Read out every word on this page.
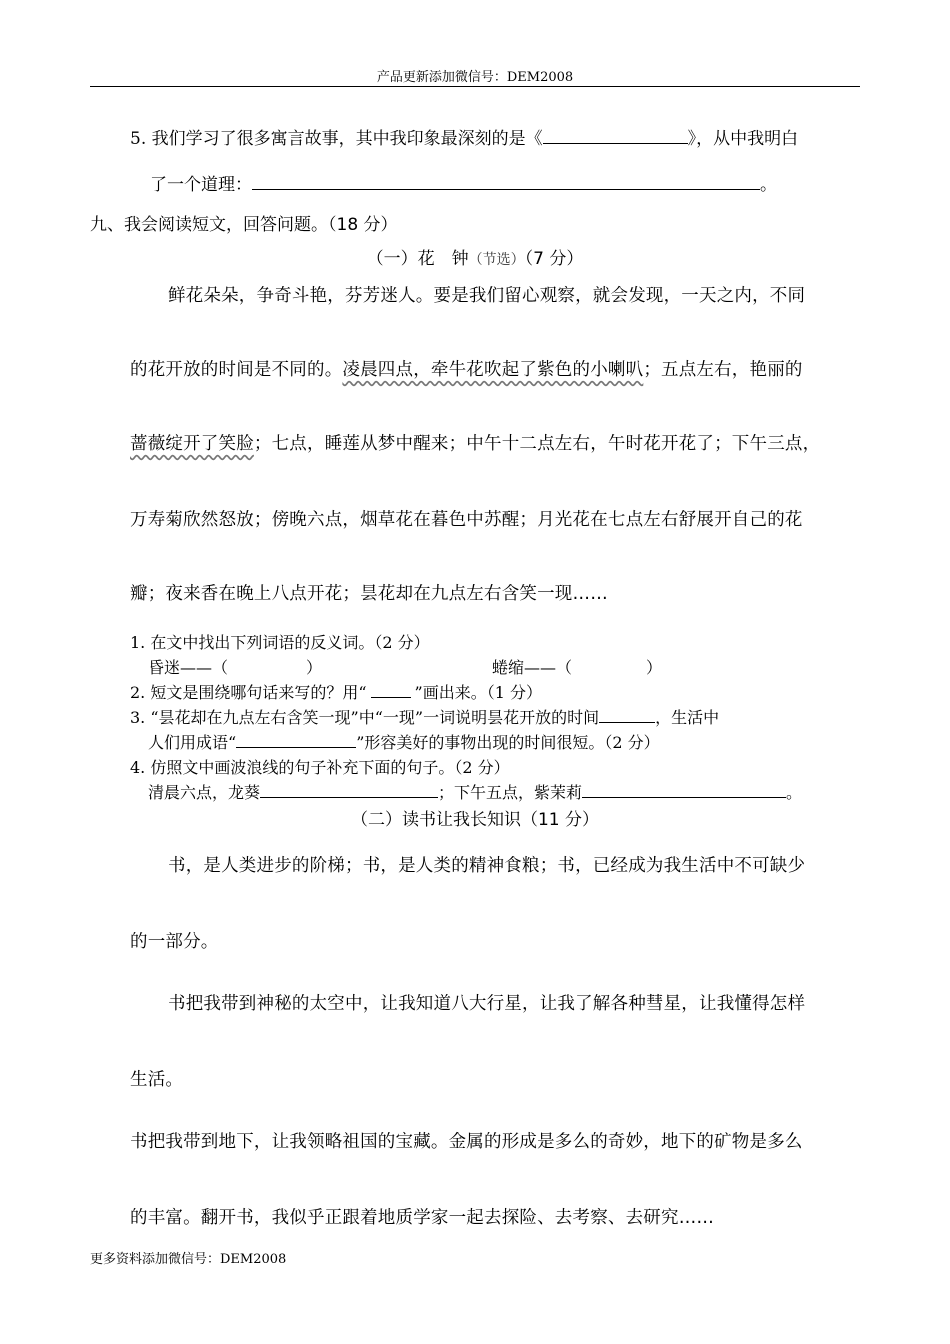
产品更新添加微信号：DEM2008
5. 我们学习了很多寓言故事，其中我印象最深刻的是《	》，从中我明白
了一个道理：	。
九、我会阅读短文，回答问题。（18 分）
（一）花　钟（节选）（7 分）
鲜花朵朵，争奇斗艳，芬芳迷人。要是我们留心观察，就会发现，一天之内，不同
的花开放的时间是不同的。凌晨四点，牵牛花吹起了紫色的小喇叭；五点左右，艳丽的
蔷薇绽开了笑脸；七点，睡莲从梦中醒来；中午十二点左右，午时花开花了；下午三点，
万寿菊欣然怒放；傍晚六点，烟草花在暮色中苏醒；月光花在七点左右舒展开自己的花
瓣；夜来香在晚上八点开花；昙花却在九点左右含笑一现……
1. 在文中找出下列词语的反义词。（2 分）
昏迷——（	）	蜷缩——（	）
2. 短文是围绕哪句话来写的？用“	”画出来。（1 分）
3. “昙花却在九点左右含笑一现”中“一现”一词说明昙花开放的时间	，生活中
人们用成语“	”形容美好的事物出现的时间很短。（2 分）
4. 仿照文中画波浪线的句子补充下面的句子。（2 分）
清晨六点，龙葵	；下午五点，紫茉莉	。
（二）读书让我长知识（11 分）
书，是人类进步的阶梯；书，是人类的精神食粮；书，已经成为我生活中不可缺少
的一部分。
书把我带到神秘的太空中，让我知道八大行星，让我了解各种彗星，让我懂得怎样
生活。
书把我带到地下，让我领略祖国的宝藏。金属的形成是多么的奇妙，地下的矿物是多么
的丰富。翻开书，我似乎正跟着地质学家一起去探险、去考察、去研究……
更多资料添加微信号：DEM2008
